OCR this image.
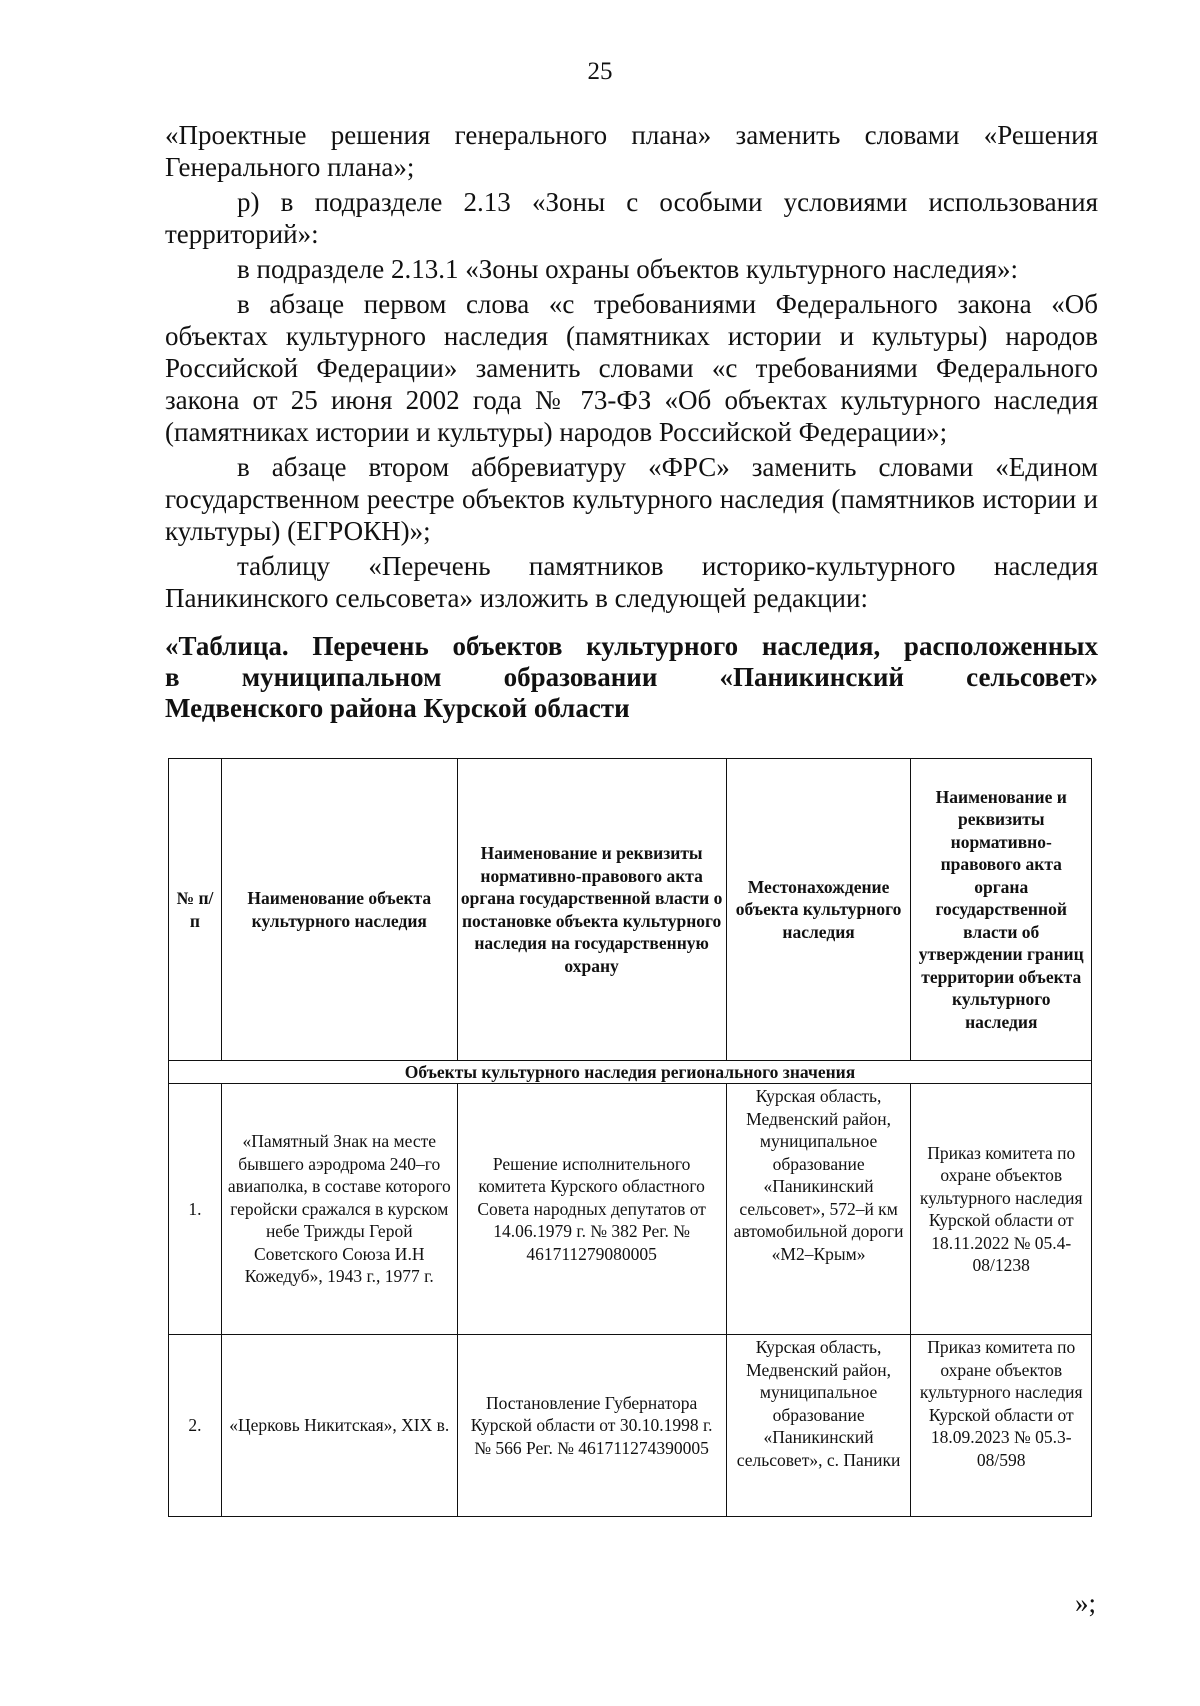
25

«Проектные решения генерального плана» заменить словами «Решения Генерального плана»;

р) в подразделе 2.13 «Зоны с особыми условиями использования территорий»:

в подразделе 2.13.1 «Зоны охраны объектов культурного наследия»:

в абзаце первом слова «с требованиями Федерального закона «Об объектах культурного наследия (памятниках истории и культуры) народов Российской Федерации» заменить словами «с требованиями Федерального закона от 25 июня 2002 года № 73-ФЗ «Об объектах культурного наследия (памятниках истории и культуры) народов Российской Федерации»;

в абзаце втором аббревиатуру «ФРС» заменить словами «Едином государственном реестре объектов культурного наследия (памятников истории и культуры) (ЕГРОКН)»;

таблицу «Перечень памятников историко-культурного наследия Паникинского сельсовета» изложить в следующей редакции:

«Таблица. Перечень объектов культурного наследия, расположенных
в муниципальном образовании «Паникинский сельсовет»
Медвенского района Курской области
№ п/п	Наименование объекта культурного наследия	Наименование и реквизиты нормативно-правового акта органа государственной власти о постановке объекта культурного наследия на государственную охрану	Местонахождение объекта культурного наследия	Наименование и реквизиты нормативно-правового акта органа государственной власти об утверждении границ территории объекта культурного наследия
Объекты культурного наследия регионального значения				
1.	«Памятный Знак на месте бывшего аэродрома 240–го авиаполка, в составе которого геройски сражался в курском небе Трижды Герой Советского Союза И.Н Кожедуб», 1943 г., 1977 г.	Решение исполнительного комитета Курского областного Совета народных депутатов от 14.06.1979 г. № 382 Рег. № 461711279080005	Курская область, Медвенский район, муниципальное образование «Паникинский сельсовет», 572–й км автомобильной дороги «М2–Крым»	Приказ комитета по охране объектов культурного наследия Курской области от 18.11.2022 № 05.4-08/1238
2.	«Церковь Никитская», XIX в.	Постановление Губернатора Курской области от 30.10.1998 г. № 566 Рег. № 461711274390005	Курская область, Медвенский район, муниципальное образование «Паникинский сельсовет», с. Паники	Приказ комитета по охране объектов культурного наследия Курской области от 18.09.2023 № 05.3-08/598
»;
